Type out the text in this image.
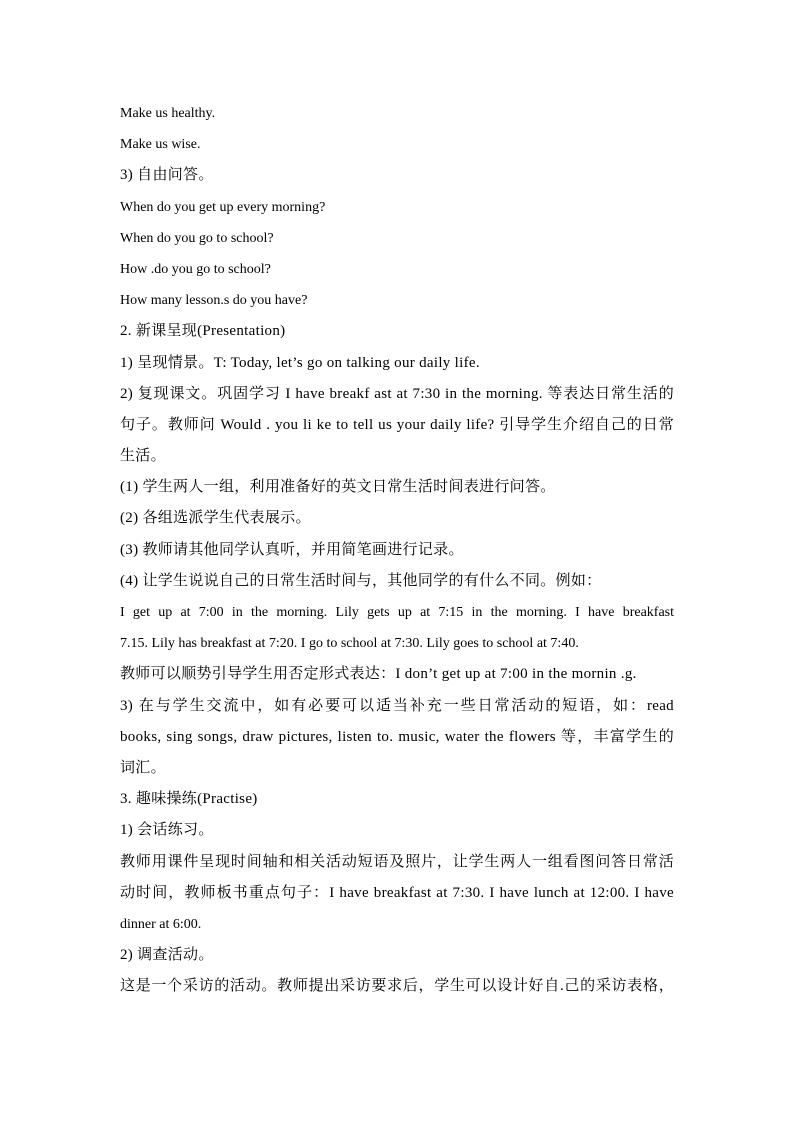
Make us healthy.
Make us wise.
3) 自由问答。
When do you get up every morning?
When do you go to school?
How .do you go to school?
How many lesson.s do you have?
2. 新课呈现(Presentation)
1) 呈现情景。T: Today, let’s go on talking our daily life.
2) 复现课文。巩固学习 I have breakf ast at 7:30 in the morning. 等表达日常生活的
句子。教师问 Would . you li ke to tell us your daily life? 引导学生介绍自己的日常
生活。
(1) 学生两人一组，利用准备好的英文日常生活时间表进行问答。
(2) 各组选派学生代表展示。
(3) 教师请其他同学认真听，并用简笔画进行记录。
(4) 让学生说说自己的日常生活时间与，其他同学的有什么不同。例如：
I get up at 7:00 in the morning. Lily gets up at 7:15 in the morning. I have breakfast
7.15. Lily has breakfast at 7:20. I go to school at 7:30. Lily goes to school at 7:40.
教师可以顺势引导学生用否定形式表达：I don’t get up at 7:00 in the mornin .g.
3) 在与学生交流中，如有必要可以适当补充一些日常活动的短语，如：read
books, sing songs, draw pictures, listen to. music, water the flowers 等，丰富学生的
词汇。
3. 趣味操练(Practise)
1) 会话练习。
教师用课件呈现时间轴和相关活动短语及照片，让学生两人一组看图问答日常活
动时间，教师板书重点句子：I have breakfast at 7:30. I have lunch at 12:00. I have
dinner at 6:00.
2) 调查活动。
这是一个采访的活动。教师提出采访要求后，学生可以设计好自.己的采访表格，
